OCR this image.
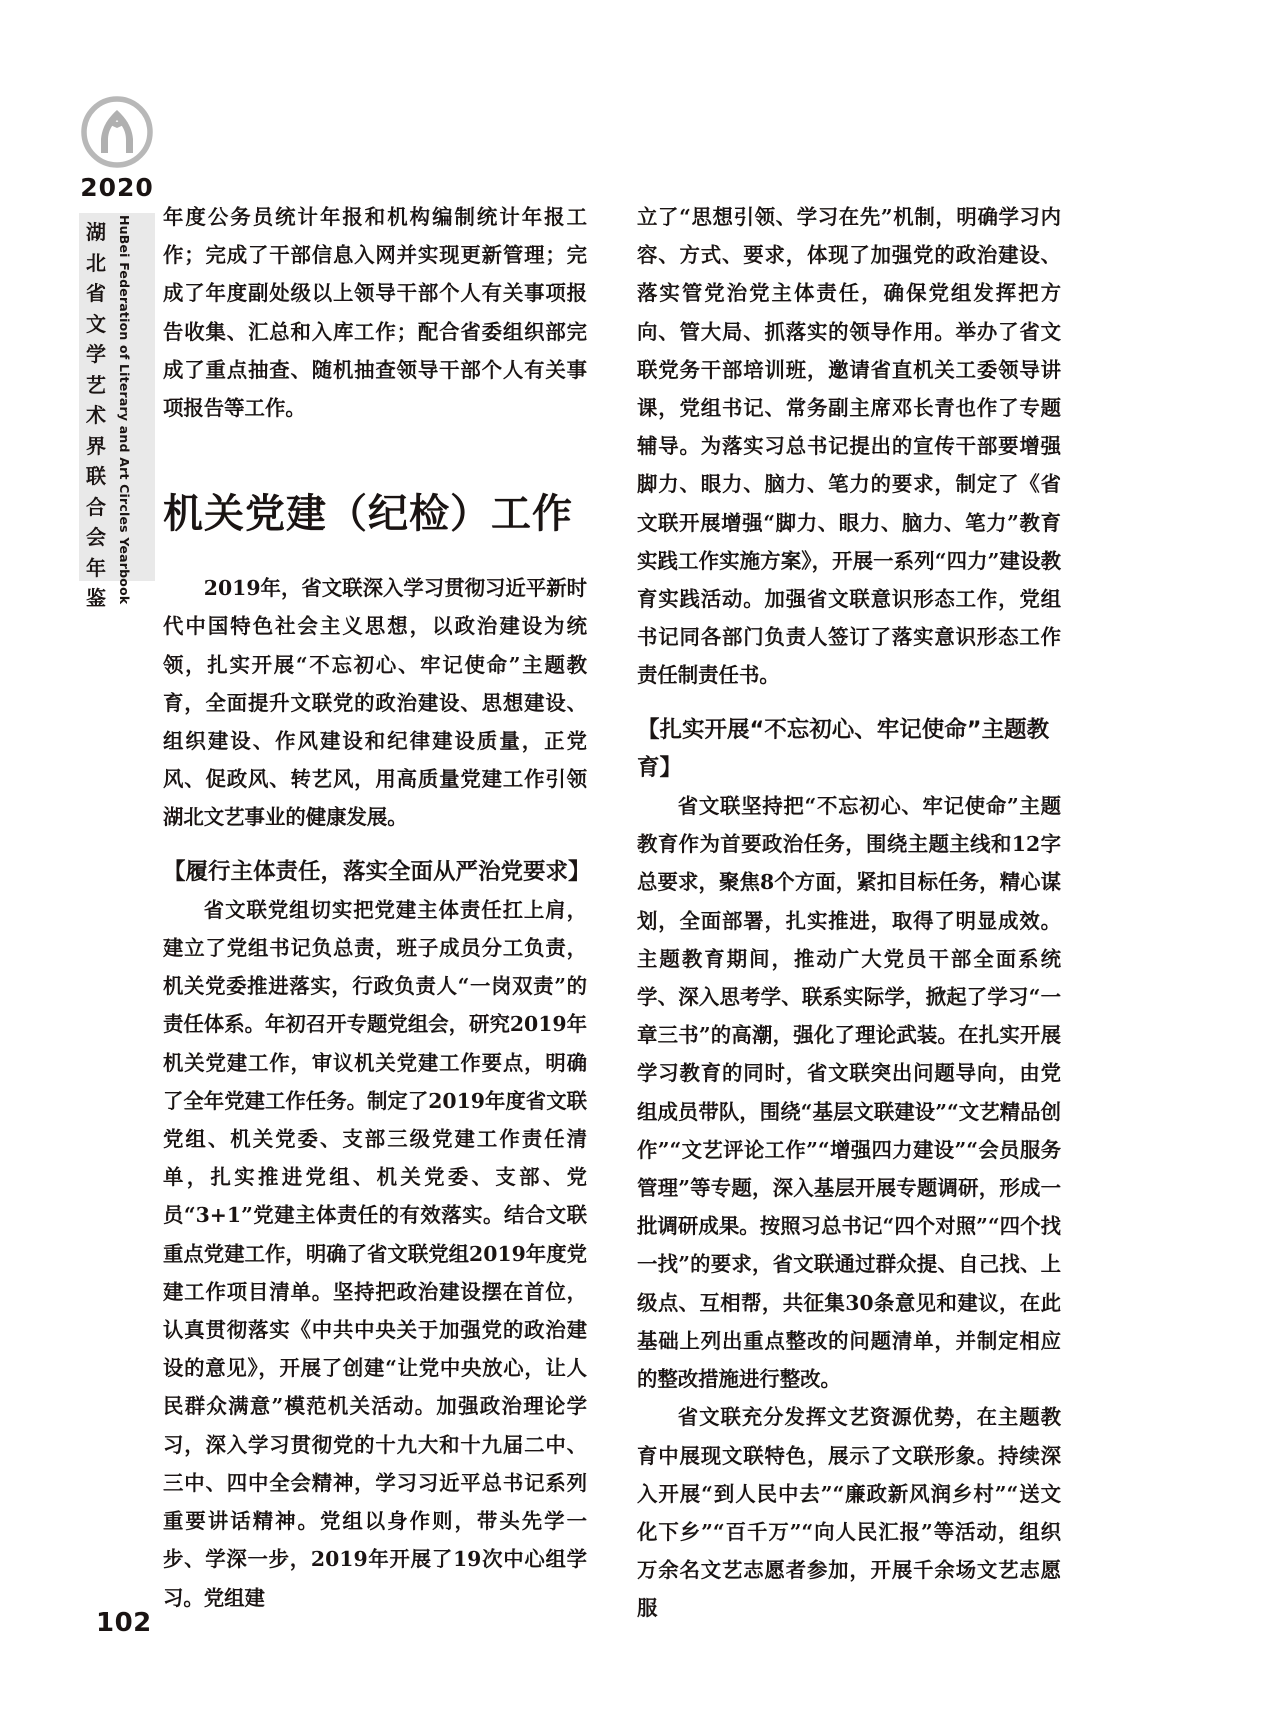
2020
湖北省文学艺术界联合会年鉴 HuBei Federation of Literary and Art Circles Yearbook 年度公务员统计年报和机构编制统计年报工作；完成了干部信息入网并实现更新管理；完成了年度副处级以上领导干部个人有关事项报告收集、汇总和入库工作；配合省委组织部完成了重点抽查、随机抽查领导干部个人有关事项报告等工作。

机关党建（纪检）工作

2019年，省文联深入学习贯彻习近平新时代中国特色社会主义思想，以政治建设为统领，扎实开展“不忘初心、牢记使命”主题教育，全面提升文联党的政治建设、思想建设、组织建设、作风建设和纪律建设质量，正党风、促政风、转艺风，用高质量党建工作引领湖北文艺事业的健康发展。

【履行主体责任，落实全面从严治党要求】

省文联党组切实把党建主体责任扛上肩，建立了党组书记负总责，班子成员分工负责，机关党委推进落实，行政负责人“一岗双责”的责任体系。年初召开专题党组会，研究2019年机关党建工作，审议机关党建工作要点，明确了全年党建工作任务。制定了2019年度省文联党组、机关党委、支部三级党建工作责任清单，扎实推进党组、机关党委、支部、党员“3+1”党建主体责任的有效落实。结合文联重点党建工作，明确了省文联党组2019年度党建工作项目清单。坚持把政治建设摆在首位，认真贯彻落实《中共中央关于加强党的政治建设的意见》，开展了创建“让党中央放心，让人民群众满意”模范机关活动。加强政治理论学习，深入学习贯彻党的十九大和十九届二中、三中、四中全会精神，学习习近平总书记系列重要讲话精神。党组以身作则，带头先学一步、学深一步，2019年开展了19次中心组学习。党组建

立了“思想引领、学习在先”机制，明确学习内容、方式、要求，体现了加强党的政治建设、落实管党治党主体责任，确保党组发挥把方向、管大局、抓落实的领导作用。举办了省文联党务干部培训班，邀请省直机关工委领导讲课，党组书记、常务副主席邓长青也作了专题辅导。为落实习总书记提出的宣传干部要增强脚力、眼力、脑力、笔力的要求，制定了《省文联开展增强“脚力、眼力、脑力、笔力”教育实践工作实施方案》，开展一系列“四力”建设教育实践活动。加强省文联意识形态工作，党组书记同各部门负责人签订了落实意识形态工作责任制责任书。

【扎实开展“不忘初心、牢记使命”主题教育】

省文联坚持把“不忘初心、牢记使命”主题教育作为首要政治任务，围绕主题主线和12字总要求，聚焦8个方面，紧扣目标任务，精心谋划，全面部署，扎实推进，取得了明显成效。主题教育期间，推动广大党员干部全面系统学、深入思考学、联系实际学，掀起了学习“一章三书”的高潮，强化了理论武装。在扎实开展学习教育的同时，省文联突出问题导向，由党组成员带队，围绕“基层文联建设”“文艺精品创作”“文艺评论工作”“增强四力建设”“会员服务管理”等专题，深入基层开展专题调研，形成一批调研成果。按照习总书记“四个对照”“四个找一找”的要求，省文联通过群众提、自己找、上级点、互相帮，共征集30条意见和建议，在此基础上列出重点整改的问题清单，并制定相应的整改措施进行整改。

省文联充分发挥文艺资源优势，在主题教育中展现文联特色，展示了文联形象。持续深入开展“到人民中去”“廉政新风润乡村”“送文化下乡”“百千万”“向人民汇报”等活动，组织万余名文艺志愿者参加，开展千余场文艺志愿服

102
